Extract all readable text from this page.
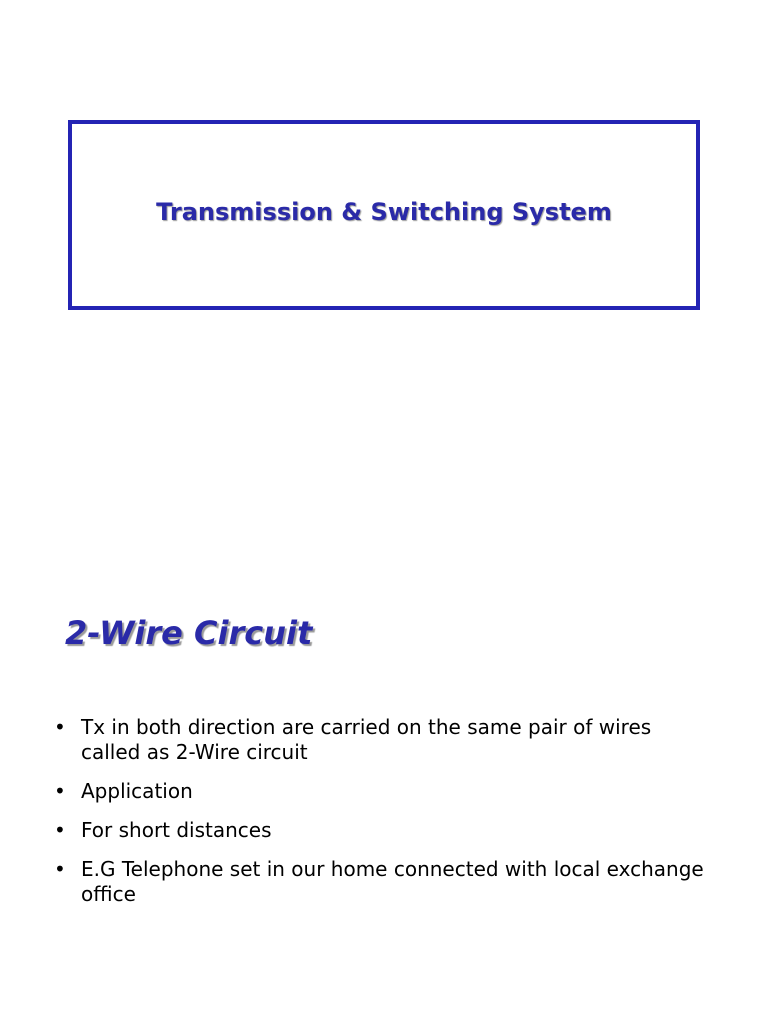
Transmission & Switching System
2-Wire Circuit
• Tx in both direction are carried on the same pair of wires called as 2-Wire circuit
• Application
• For short distances
• E.G Telephone set in our home connected with local exchange office
